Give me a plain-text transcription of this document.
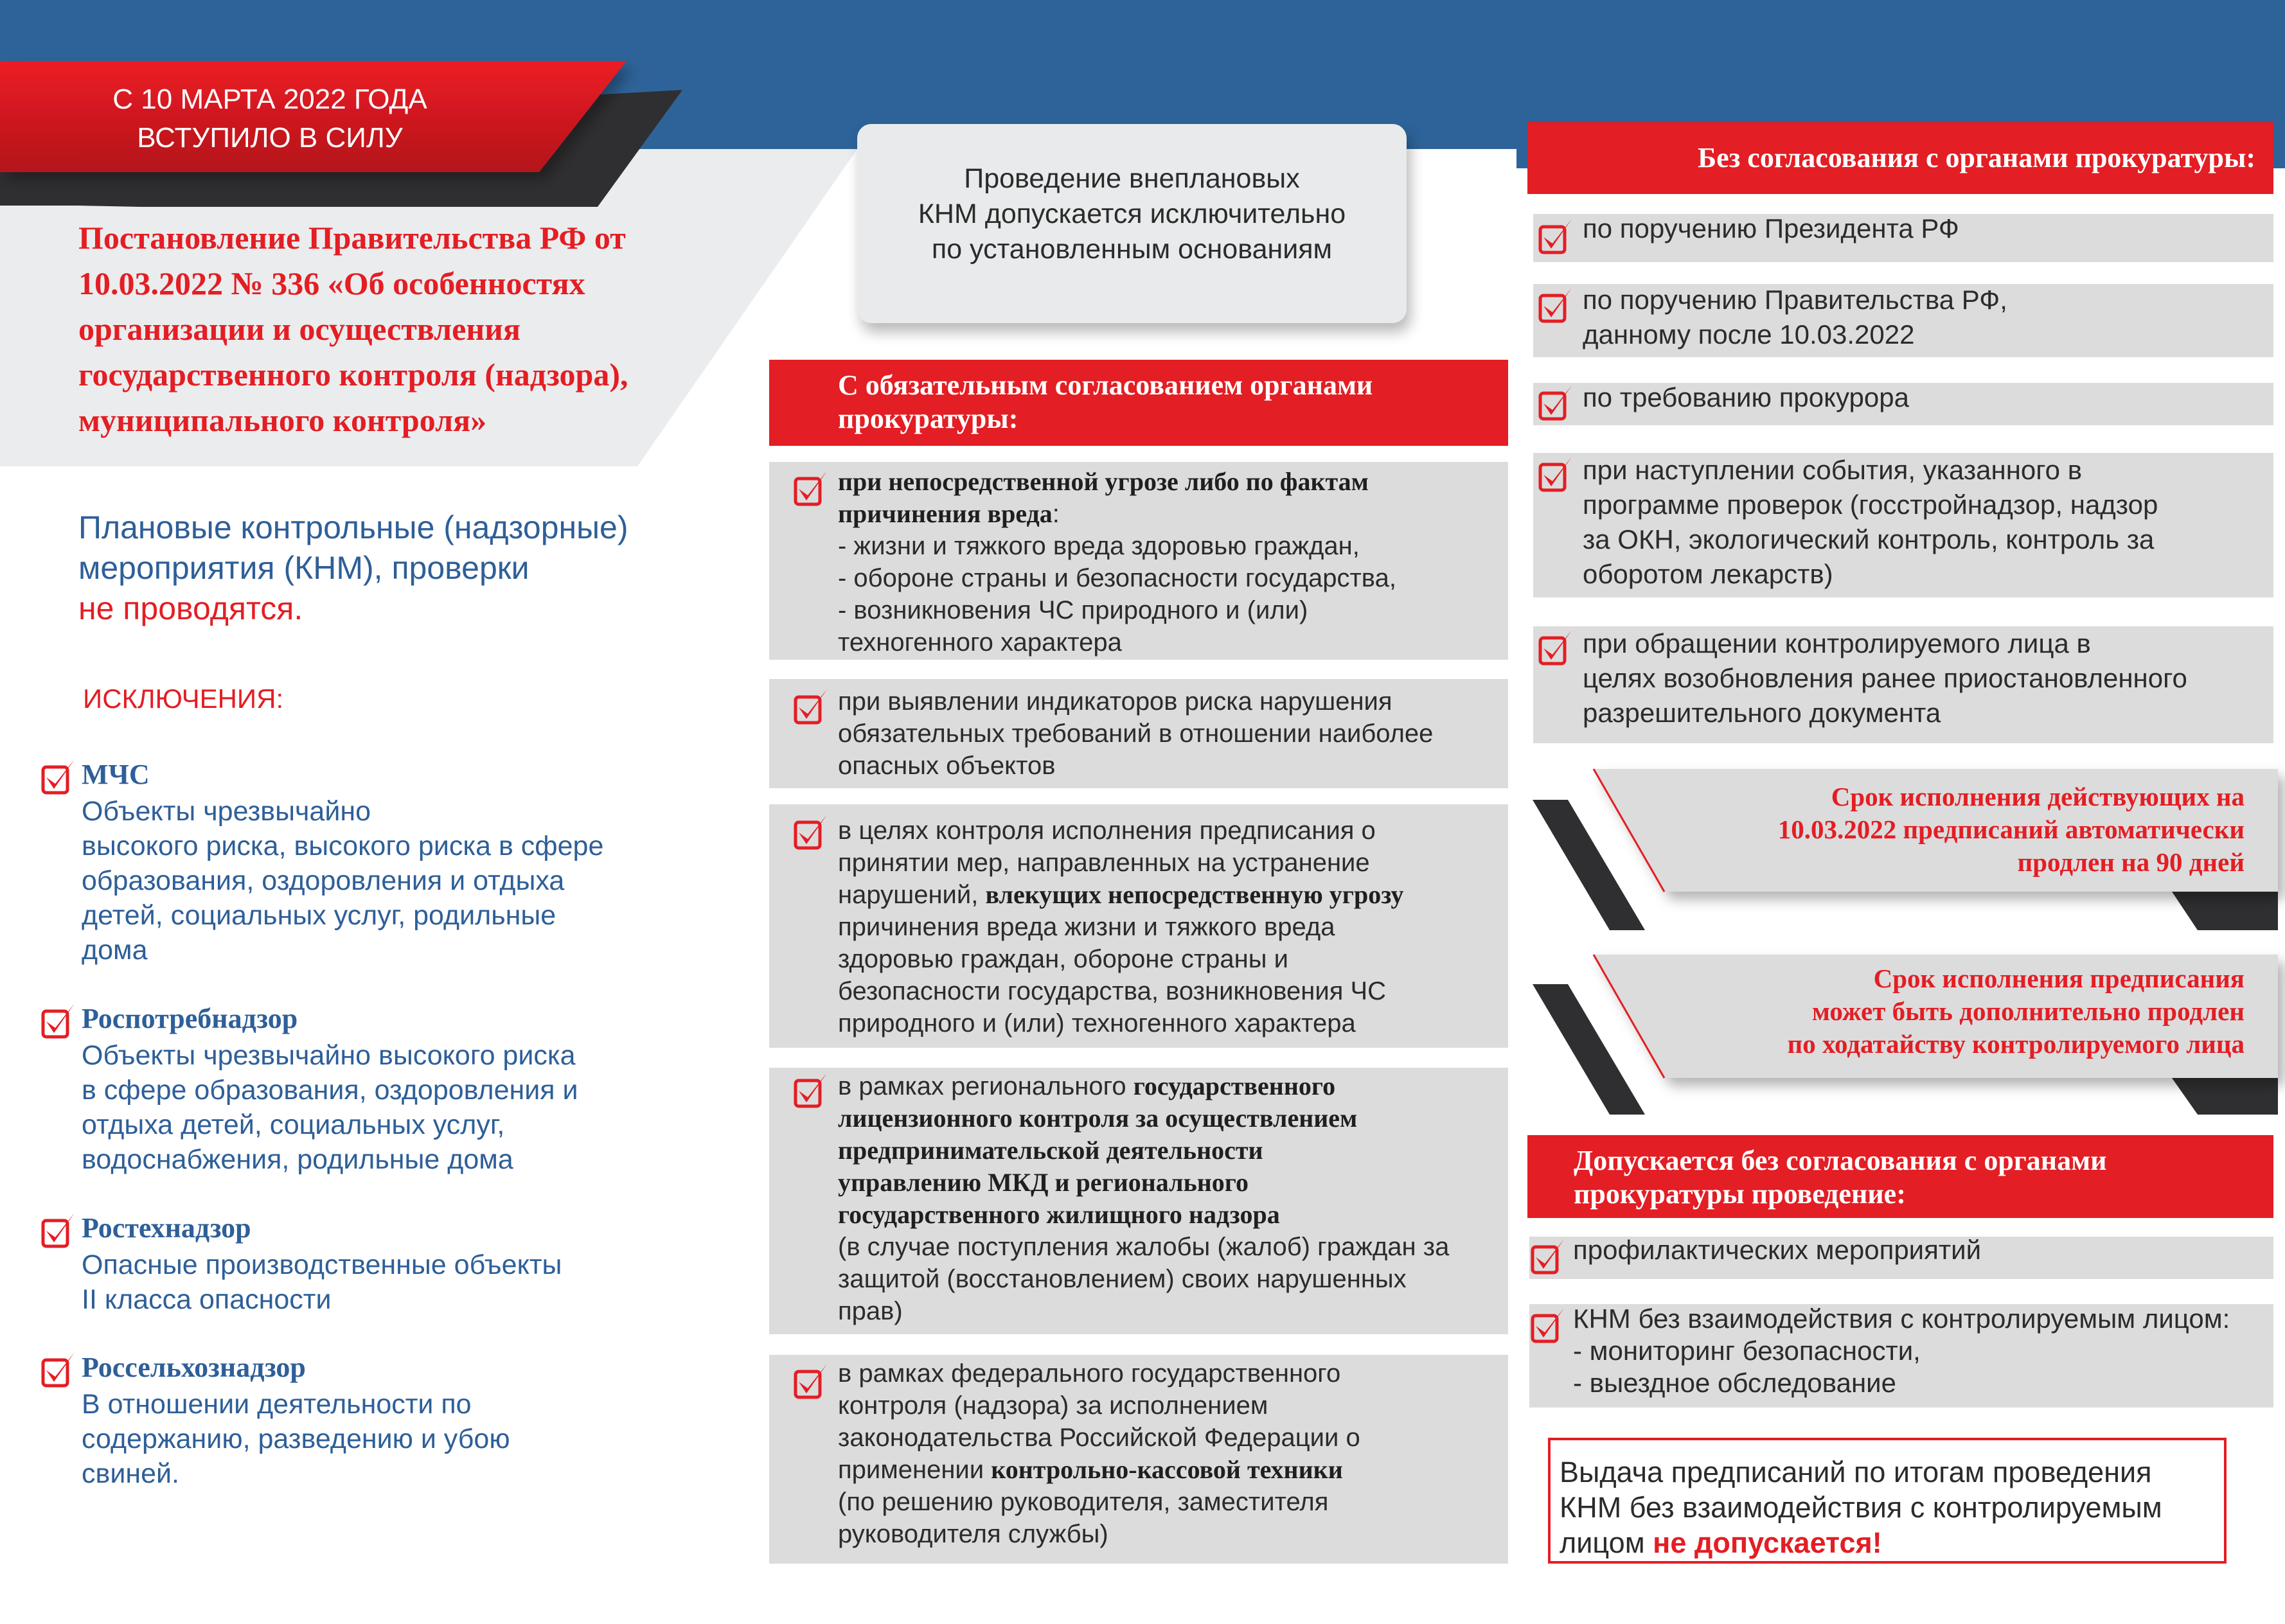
С 10 МАРТА 2022 ГОДА
ВСТУПИЛО В СИЛУ
Постановление Правительства РФ от
10.03.2022 № 336 «Об особенностях
организации и осуществления
государственного контроля (надзора),
муниципального контроля»
Плановые контрольные (надзорные)
мероприятия (КНМ), проверки
не проводятся.
ИСКЛЮЧЕНИЯ:
МЧС
Объекты чрезвычайно
высокого риска, высокого риска в сфере
образования, оздоровления и отдыха
детей, социальных услуг, родильные
дома
Роспотребнадзор
Объекты чрезвычайно высокого риска
в сфере образования, оздоровления и
отдыха детей, социальных услуг,
водоснабжения, родильные дома
Ростехнадзор
Опасные производственные объекты
II класса опасности
Россельхознадзор
В отношении деятельности по
содержанию, разведению и убою
свиней.
Проведение внеплановых
КНМ допускается исключительно
по установленным основаниям
С обязательным согласованием органами
прокуратуры:
при непосредственной угрозе либо по фактам
причинения вреда:
- жизни и тяжкого вреда здоровью граждан,
- обороне страны и безопасности государства,
- возникновения ЧС природного и (или)
техногенного характера
при выявлении индикаторов риска нарушения
обязательных требований в отношении наиболее
опасных объектов
в целях контроля исполнения предписания о
принятии мер, направленных на устранение
нарушений, влекущих непосредственную угрозу
причинения вреда жизни и тяжкого вреда
здоровью граждан, обороне страны и
безопасности государства, возникновения ЧС
природного и (или) техногенного характера
в рамках регионального государственного
лицензионного контроля за осуществлением
предпринимательской деятельности
управлению МКД и регионального
государственного жилищного надзора
(в случае поступления жалобы (жалоб) граждан за
защитой (восстановлением) своих нарушенных
прав)
в рамках федерального государственного
контроля (надзора) за исполнением
законодательства Российской Федерации о
применении контрольно-кассовой техники
(по решению руководителя, заместителя
руководителя службы)
Без согласования с органами прокуратуры:
по поручению Президента РФ
по поручению Правительства РФ,
данному после 10.03.2022
по требованию прокурора
при наступлении события, указанного в
программе проверок (госстройнадзор, надзор
за ОКН, экологический контроль, контроль за
оборотом лекарств)
при обращении контролируемого лица в
целях возобновления ранее приостановленного
разрешительного документа
Срок исполнения действующих на
10.03.2022 предписаний автоматически
продлен на 90 дней
Срок исполнения предписания
может быть дополнительно продлен
по ходатайству контролируемого лица
Допускается без согласования с органами
прокуратуры проведение:
профилактических мероприятий
КНМ без взаимодействия с контролируемым лицом:
- мониторинг безопасности,
- выездное обследование
Выдача предписаний по итогам проведения
КНМ без взаимодействия с контролируемым
лицом не допускается!
